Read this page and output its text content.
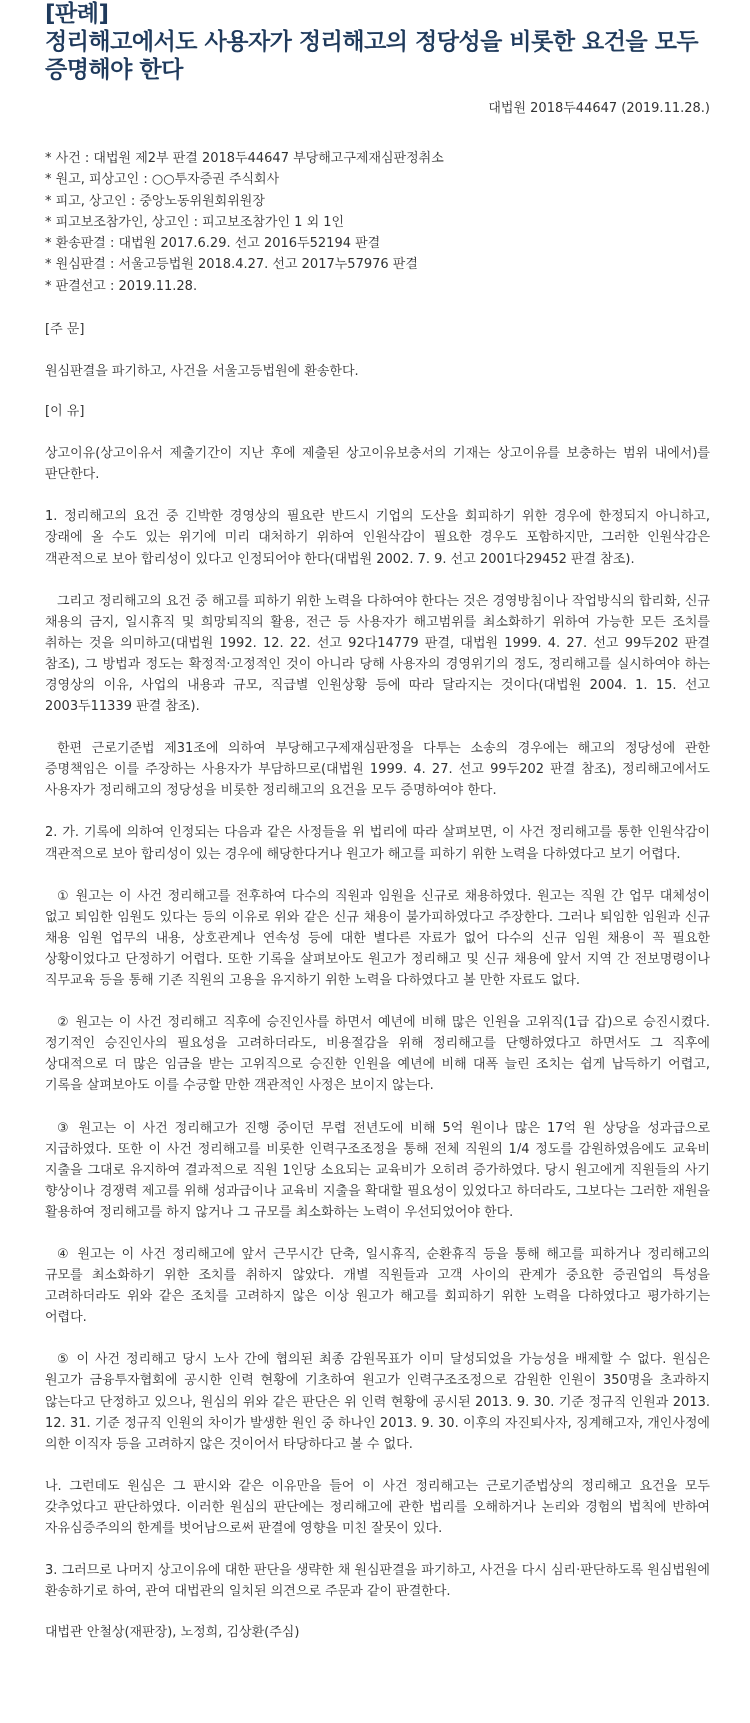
[판례]
정리해고에서도 사용자가 정리해고의 정당성을 비롯한 요건을 모두 증명해야 한다
대법원 2018두44647 (2019.11.28.)
* 사건 : 대법원 제2부 판결 2018두44647 부당해고구제재심판정취소
* 원고, 피상고인 : ○○투자증권 주식회사
* 피고, 상고인 : 중앙노동위원회위원장
* 피고보조참가인, 상고인 : 피고보조참가인 1 외 1인
* 환송판결 : 대법원 2017.6.29. 선고 2016두52194 판결
* 원심판결 : 서울고등법원 2018.4.27. 선고 2017누57976 판결
* 판결선고 : 2019.11.28.

[주 문]

원심판결을 파기하고, 사건을 서울고등법원에 환송한다.

[이 유]

상고이유(상고이유서 제출기간이 지난 후에 제출된 상고이유보충서의 기재는 상고이유를 보충하는 범위 내에서)를 판단한다.

1. 정리해고의 요건 중 긴박한 경영상의 필요란 반드시 기업의 도산을 회피하기 위한 경우에 한정되지 아니하고, 장래에 올 수도 있는 위기에 미리 대처하기 위하여 인원삭감이 필요한 경우도 포함하지만, 그러한 인원삭감은 객관적으로 보아 합리성이 있다고 인정되어야 한다(대법원 2002. 7. 9. 선고 2001다29452 판결 참조).

그리고 정리해고의 요건 중 해고를 피하기 위한 노력을 다하여야 한다는 것은 경영방침이나 작업방식의 합리화, 신규 채용의 금지, 일시휴직 및 희망퇴직의 활용, 전근 등 사용자가 해고범위를 최소화하기 위하여 가능한 모든 조치를 취하는 것을 의미하고(대법원 1992. 12. 22. 선고 92다14779 판결, 대법원 1999. 4. 27. 선고 99두202 판결 참조), 그 방법과 정도는 확정적·고정적인 것이 아니라 당해 사용자의 경영위기의 정도, 정리해고를 실시하여야 하는 경영상의 이유, 사업의 내용과 규모, 직급별 인원상황 등에 따라 달라지는 것이다(대법원 2004. 1. 15. 선고 2003두11339 판결 참조).

한편 근로기준법 제31조에 의하여 부당해고구제재심판정을 다투는 소송의 경우에는 해고의 정당성에 관한 증명책임은 이를 주장하는 사용자가 부담하므로(대법원 1999. 4. 27. 선고 99두202 판결 참조), 정리해고에서도 사용자가 정리해고의 정당성을 비롯한 정리해고의 요건을 모두 증명하여야 한다.

2. 가. 기록에 의하여 인정되는 다음과 같은 사정들을 위 법리에 따라 살펴보면, 이 사건 정리해고를 통한 인원삭감이 객관적으로 보아 합리성이 있는 경우에 해당한다거나 원고가 해고를 피하기 위한 노력을 다하였다고 보기 어렵다.

① 원고는 이 사건 정리해고를 전후하여 다수의 직원과 임원을 신규로 채용하였다. 원고는 직원 간 업무 대체성이 없고 퇴임한 임원도 있다는 등의 이유로 위와 같은 신규 채용이 불가피하였다고 주장한다. 그러나 퇴임한 임원과 신규 채용 임원 업무의 내용, 상호관계나 연속성 등에 대한 별다른 자료가 없어 다수의 신규 임원 채용이 꼭 필요한 상황이었다고 단정하기 어렵다. 또한 기록을 살펴보아도 원고가 정리해고 및 신규 채용에 앞서 지역 간 전보명령이나 직무교육 등을 통해 기존 직원의 고용을 유지하기 위한 노력을 다하였다고 볼 만한 자료도 없다.

② 원고는 이 사건 정리해고 직후에 승진인사를 하면서 예년에 비해 많은 인원을 고위직(1급 갑)으로 승진시켰다. 정기적인 승진인사의 필요성을 고려하더라도, 비용절감을 위해 정리해고를 단행하였다고 하면서도 그 직후에 상대적으로 더 많은 임금을 받는 고위직으로 승진한 인원을 예년에 비해 대폭 늘린 조치는 쉽게 납득하기 어렵고, 기록을 살펴보아도 이를 수긍할 만한 객관적인 사정은 보이지 않는다.

③ 원고는 이 사건 정리해고가 진행 중이던 무렵 전년도에 비해 5억 원이나 많은 17억 원 상당을 성과급으로 지급하였다. 또한 이 사건 정리해고를 비롯한 인력구조조정을 통해 전체 직원의 1/4 정도를 감원하였음에도 교육비 지출을 그대로 유지하여 결과적으로 직원 1인당 소요되는 교육비가 오히려 증가하였다. 당시 원고에게 직원들의 사기 향상이나 경쟁력 제고를 위해 성과급이나 교육비 지출을 확대할 필요성이 있었다고 하더라도, 그보다는 그러한 재원을 활용하여 정리해고를 하지 않거나 그 규모를 최소화하는 노력이 우선되었어야 한다.

④ 원고는 이 사건 정리해고에 앞서 근무시간 단축, 일시휴직, 순환휴직 등을 통해 해고를 피하거나 정리해고의 규모를 최소화하기 위한 조치를 취하지 않았다. 개별 직원들과 고객 사이의 관계가 중요한 증권업의 특성을 고려하더라도 위와 같은 조치를 고려하지 않은 이상 원고가 해고를 회피하기 위한 노력을 다하였다고 평가하기는 어렵다.

⑤ 이 사건 정리해고 당시 노사 간에 협의된 최종 감원목표가 이미 달성되었을 가능성을 배제할 수 없다. 원심은 원고가 금융투자협회에 공시한 인력 현황에 기초하여 원고가 인력구조조정으로 감원한 인원이 350명을 초과하지 않는다고 단정하고 있으나, 원심의 위와 같은 판단은 위 인력 현황에 공시된 2013. 9. 30. 기준 정규직 인원과 2013. 12. 31. 기준 정규직 인원의 차이가 발생한 원인 중 하나인 2013. 9. 30. 이후의 자진퇴사자, 징계해고자, 개인사정에 의한 이직자 등을 고려하지 않은 것이어서 타당하다고 볼 수 없다.

나. 그런데도 원심은 그 판시와 같은 이유만을 들어 이 사건 정리해고는 근로기준법상의 정리해고 요건을 모두 갖추었다고 판단하였다. 이러한 원심의 판단에는 정리해고에 관한 법리를 오해하거나 논리와 경험의 법칙에 반하여 자유심증주의의 한계를 벗어남으로써 판결에 영향을 미친 잘못이 있다.

3. 그러므로 나머지 상고이유에 대한 판단을 생략한 채 원심판결을 파기하고, 사건을 다시 심리·판단하도록 원심법원에 환송하기로 하여, 관여 대법관의 일치된 의견으로 주문과 같이 판결한다.

대법관 안철상(재판장), 노정희, 김상환(주심)
